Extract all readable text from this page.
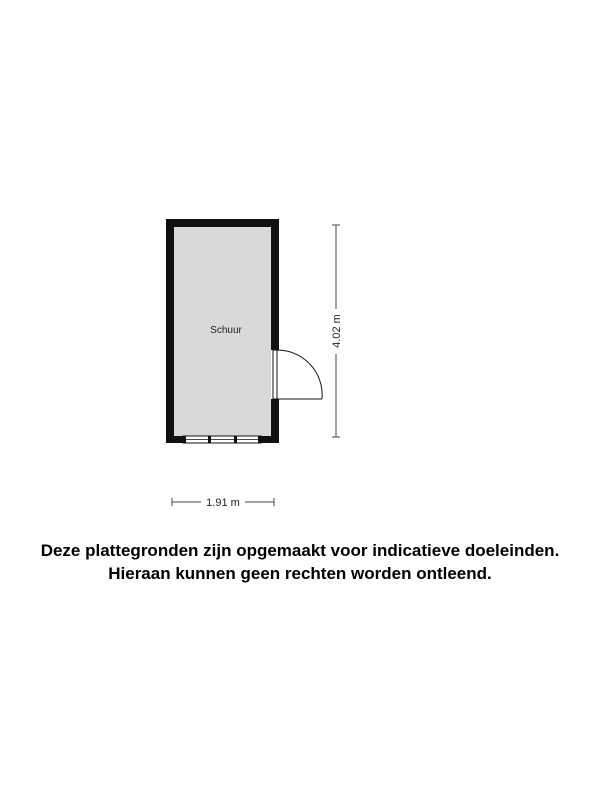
Schuur	4.02 m
1.91 m
Deze plattegronden zijn opgemaakt voor indicatieve doeleinden.
Hieraan kunnen geen rechten worden ontleend.
